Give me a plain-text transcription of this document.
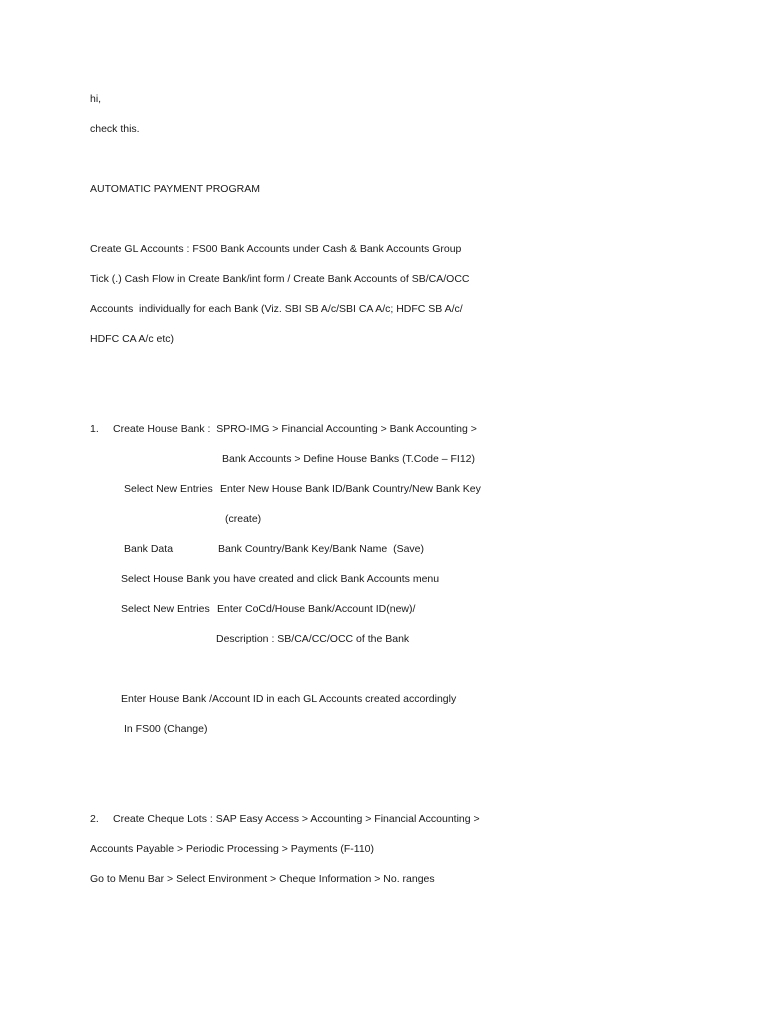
hi,
check this.
AUTOMATIC PAYMENT PROGRAM
Create GL Accounts : FS00 Bank Accounts under Cash & Bank Accounts Group
Tick (.) Cash Flow in Create Bank/int form / Create Bank Accounts of SB/CA/OCC
Accounts  individually for each Bank (Viz. SBI SB A/c/SBI CA A/c; HDFC SB A/c/
HDFC CA A/c etc)
1. Create House Bank :  SPRO-IMG > Financial Accounting > Bank Accounting >
Bank Accounts > Define House Banks (T.Code – FI12)
Select New Entries Enter New House Bank ID/Bank Country/New Bank Key
(create)
Bank Data	Bank Country/Bank Key/Bank Name  (Save)
Select House Bank you have created and click Bank Accounts menu
Select New Entries Enter CoCd/House Bank/Account ID(new)/
Description : SB/CA/CC/OCC of the Bank
Enter House Bank /Account ID in each GL Accounts created accordingly
In FS00 (Change)
2. Create Cheque Lots : SAP Easy Access > Accounting > Financial Accounting >
Accounts Payable > Periodic Processing > Payments (F-110)
Go to Menu Bar > Select Environment > Cheque Information > No. ranges
